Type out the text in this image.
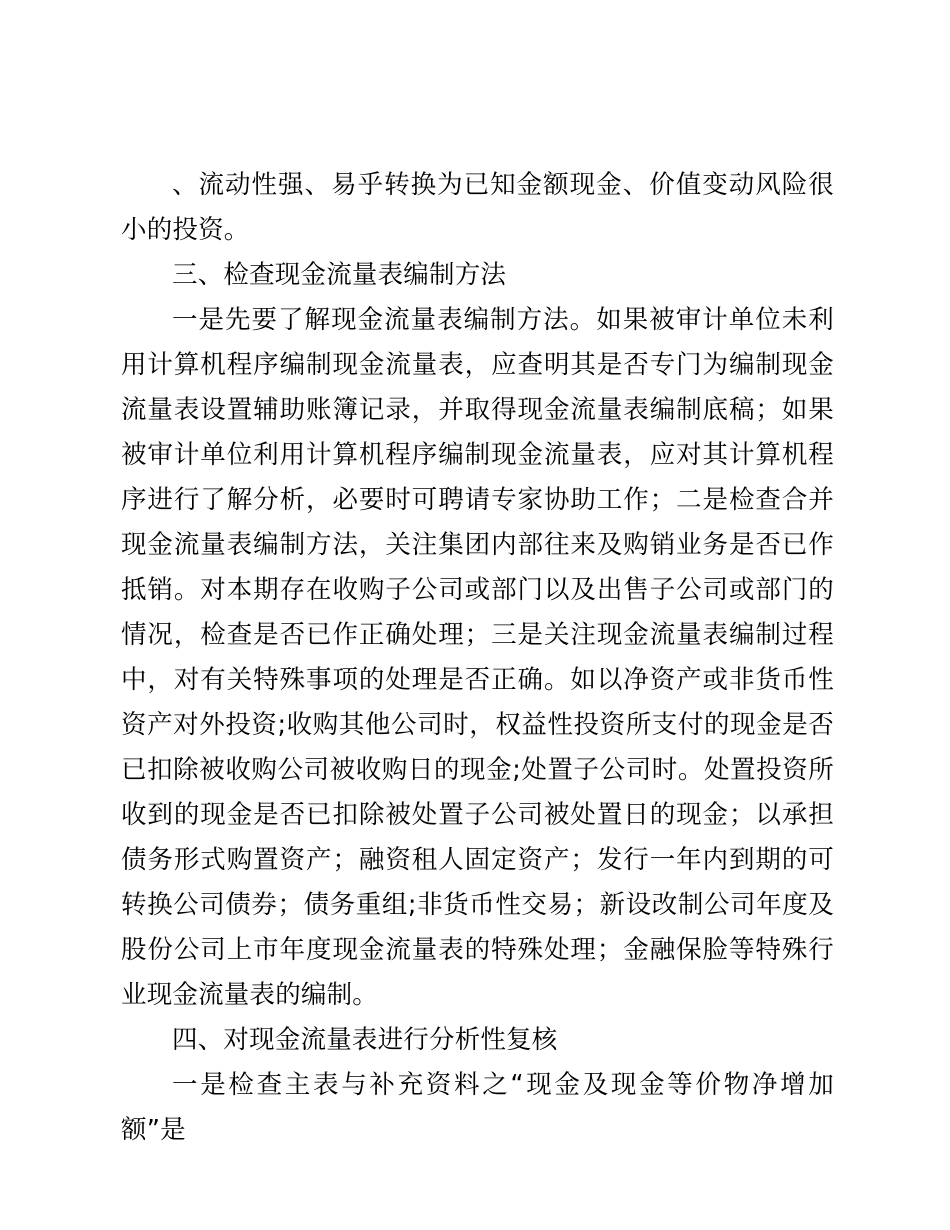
、流动性强、易乎转换为已知金额现金、价值变动风险很小的投资。

三、检查现金流量表编制方法

一是先要了解现金流量表编制方法。如果被审计单位未利用计算机程序编制现金流量表，应查明其是否专门为编制现金流量表设置辅助账簿记录，并取得现金流量表编制底稿；如果被审计单位利用计算机程序编制现金流量表，应对其计算机程序进行了解分析，必要时可聘请专家协助工作；二是检查合并现金流量表编制方法，关注集团内部往来及购销业务是否已作抵销。对本期存在收购子公司或部门以及出售子公司或部门的情况，检查是否已作正确处理；三是关注现金流量表编制过程中，对有关特殊事项的处理是否正确。如以净资产或非货币性资产对外投资;收购其他公司时，权益性投资所支付的现金是否已扣除被收购公司被收购日的现金;处置子公司时。处置投资所收到的现金是否已扣除被处置子公司被处置日的现金；以承担债务形式购置资产；融资租人固定资产；发行一年内到期的可转换公司债券；债务重组;非货币性交易；新设改制公司年度及股份公司上市年度现金流量表的特殊处理；金融保脸等特殊行业现金流量表的编制。

四、对现金流量表进行分析性复核

一是检查主表与补充资料之“现金及现金等价物净增加额”是
